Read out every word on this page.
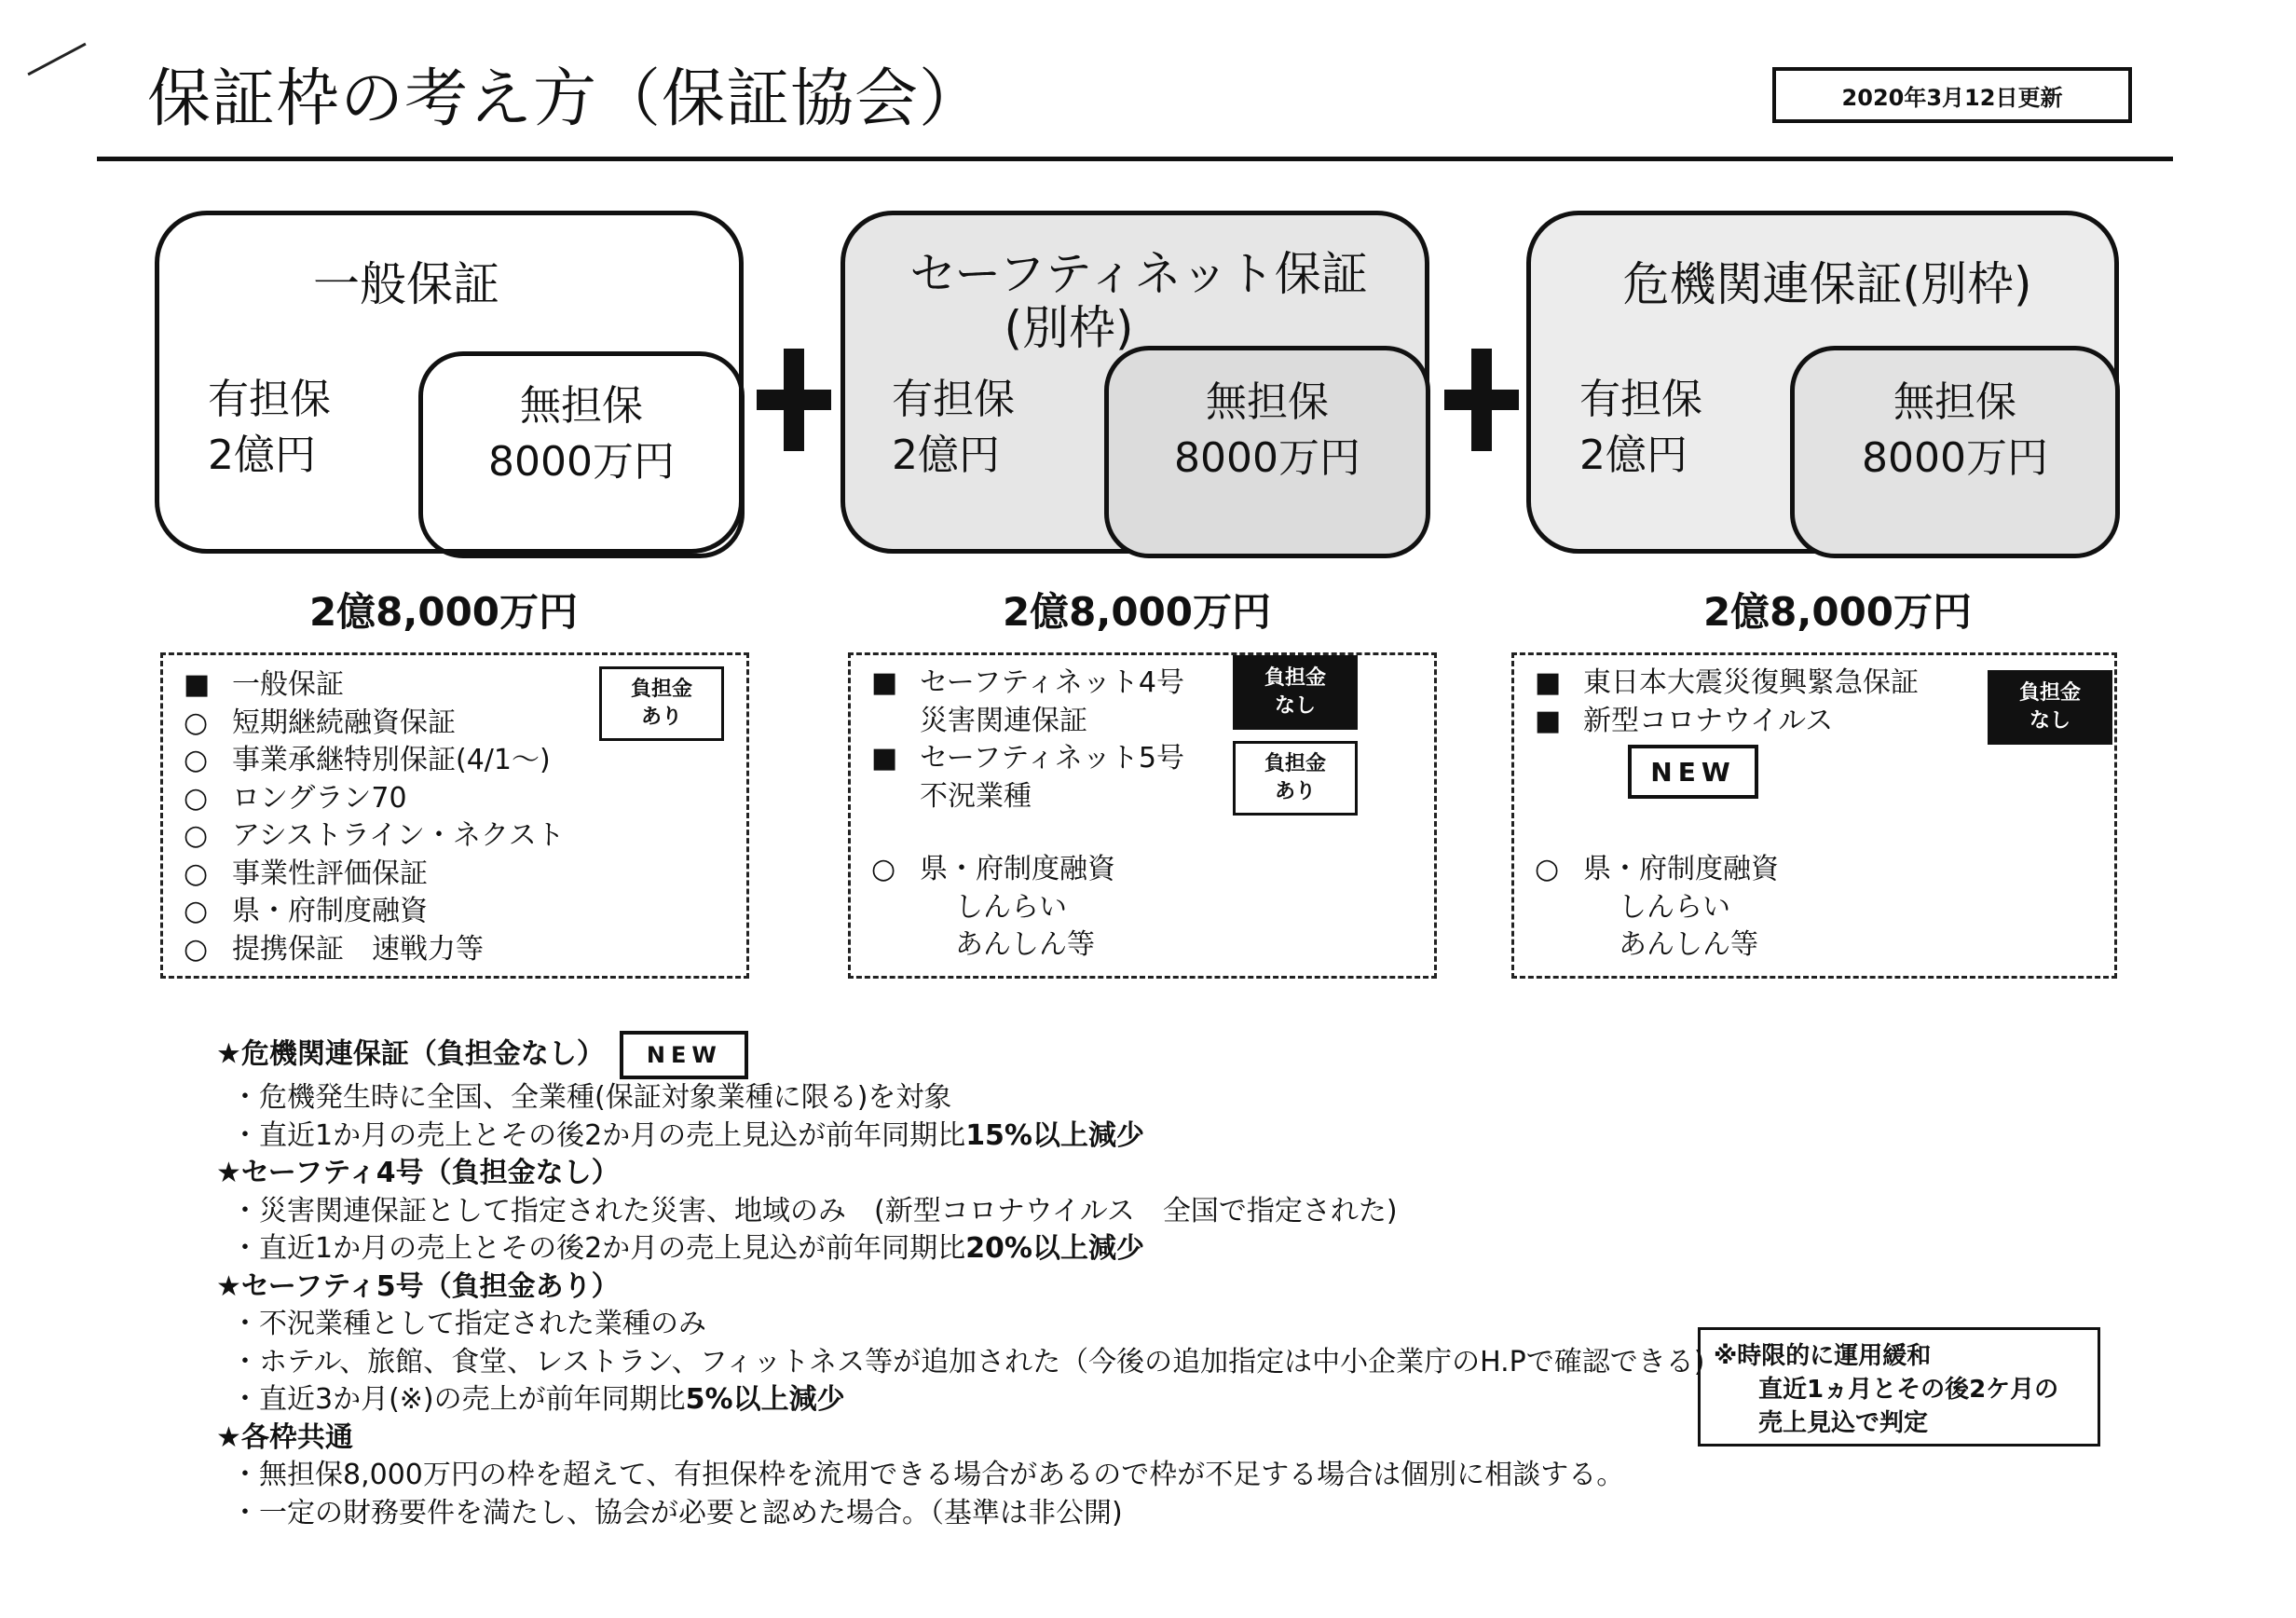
保証枠の考え方（保証協会）	2020年3月12日更新
一般保証
有担保
2億円
無担保
8000万円
セーフティネット保証
(別枠)
有担保
2億円
無担保
8000万円
危機関連保証(別枠)
有担保
2億円
無担保
8000万円
2億8,000万円	2億8,000万円	2億8,000万円
■ 一般保証
○ 短期継続融資保証
○ 事業承継特別保証(4/1～)
○ ロングラン70
○ アシストライン・ネクスト
○ 事業性評価保証
○ 県・府制度融資
○ 提携保証　速戦力等
負担金
あり
■ セーフティネット4号
災害関連保証
■ セーフティネット5号
不況業種
○ 県・府制度融資
しんらい
あんしん等
負担金
なし
負担金
あり
■ 東日本大震災復興緊急保証
■ 新型コロナウイルス
NEW
○ 県・府制度融資
しんらい
あんしん等
負担金
なし
★危機関連保証（負担金なし） NEW
・危機発生時に全国、全業種(保証対象業種に限る)を対象
・直近1か月の売上とその後2か月の売上見込が前年同期比15%以上減少
★セーフティ4号（負担金なし）
・災害関連保証として指定された災害、地域のみ　(新型コロナウイルス　全国で指定された)
・直近1か月の売上とその後2か月の売上見込が前年同期比20%以上減少
★セーフティ5号（負担金あり）
・不況業種として指定された業種のみ
・ホテル、旅館、食堂、レストラン、フィットネス等が追加された（今後の追加指定は中小企業庁のH.Pで確認できる)
・直近3か月(※)の売上が前年同期比5%以上減少
★各枠共通
・無担保8,000万円の枠を超えて、有担保枠を流用できる場合があるので枠が不足する場合は個別に相談する。
・一定の財務要件を満たし、協会が必要と認めた場合。（基準は非公開)
※時限的に運用緩和
直近1ヵ月とその後2ケ月の
売上見込で判定
